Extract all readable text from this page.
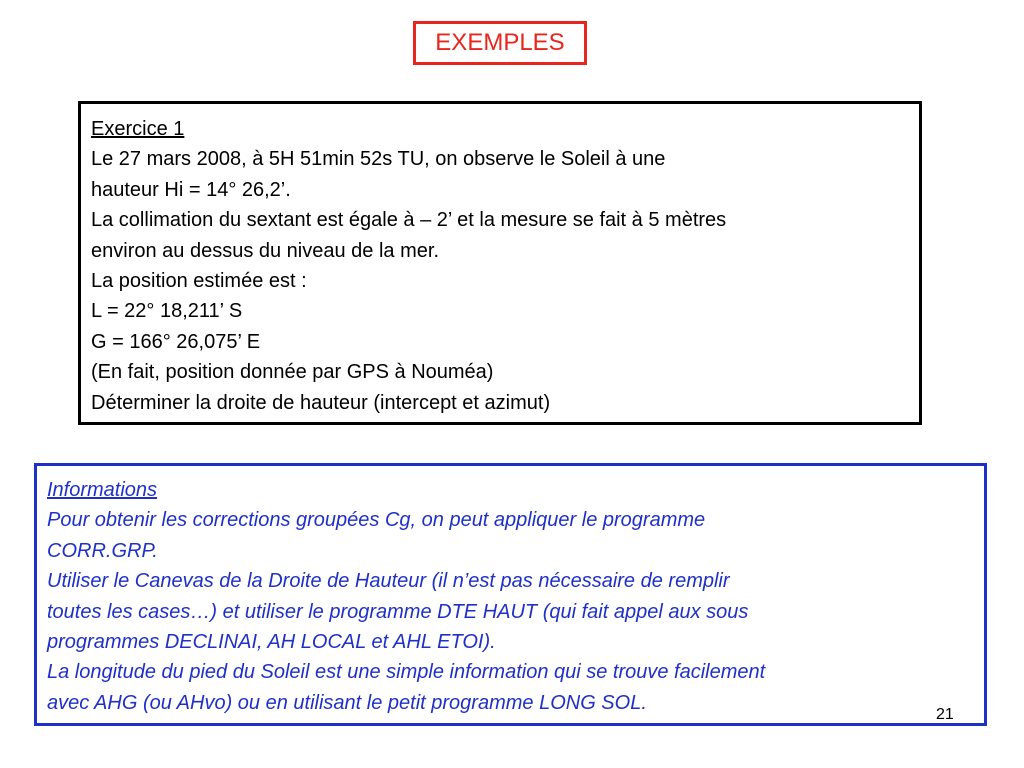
EXEMPLES
Exercice 1
Le 27 mars 2008, à 5H 51min 52s TU, on observe le Soleil à une
hauteur Hi = 14° 26,2’.
La collimation du sextant est égale à – 2’ et la mesure se fait à 5 mètres
environ au dessus du niveau de la mer.
La position estimée est :
L = 22° 18,211’ S
G = 166° 26,075’ E
(En fait, position donnée par GPS à Nouméa)
Déterminer la droite de hauteur (intercept et azimut)
Informations
Pour obtenir les corrections groupées Cg, on peut appliquer le programme
CORR.GRP.
Utiliser le Canevas de la Droite de Hauteur (il n’est pas nécessaire de remplir
toutes les cases…) et utiliser le programme DTE HAUT (qui fait appel aux sous
programmes DECLINAI, AH LOCAL et AHL ETOI).
La longitude du pied du Soleil est une simple information qui se trouve facilement
avec AHG (ou AHvo) ou en utilisant le petit programme LONG SOL.
21
